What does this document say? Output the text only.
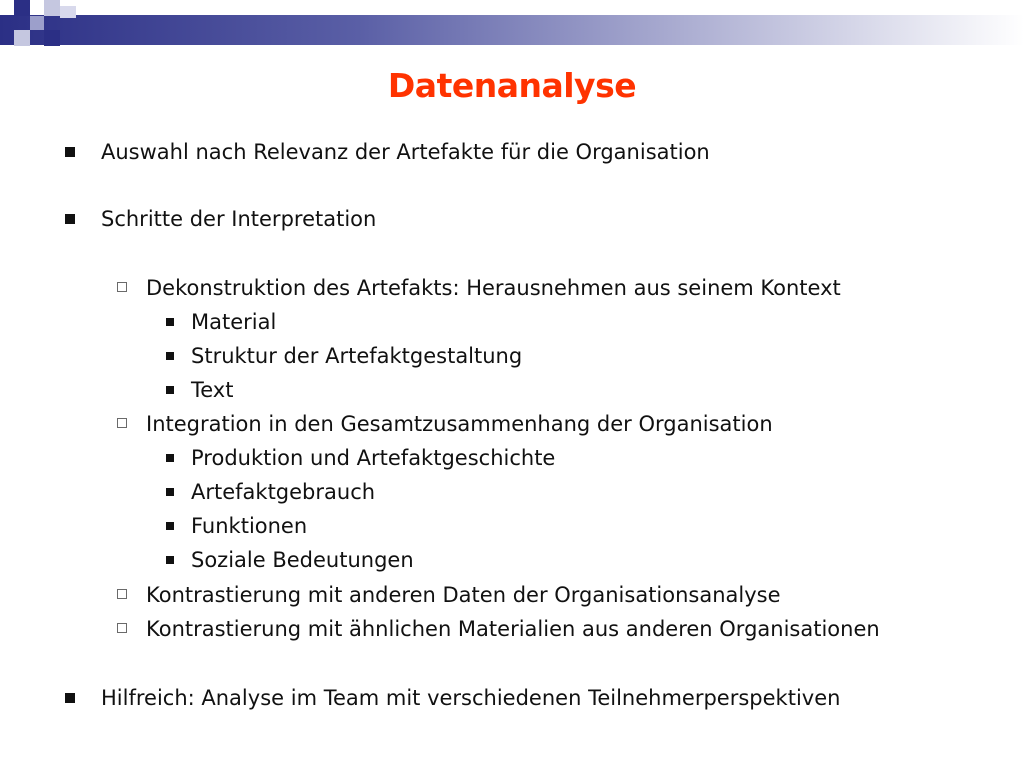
Datenanalyse
Auswahl nach Relevanz der Artefakte für die Organisation
Schritte der Interpretation
Dekonstruktion des Artefakts: Herausnehmen aus seinem Kontext
Material
Struktur der Artefaktgestaltung
Text
Integration in den Gesamtzusammenhang der Organisation
Produktion und Artefaktgeschichte
Artefaktgebrauch
Funktionen
Soziale Bedeutungen
Kontrastierung mit anderen Daten der Organisationsanalyse
Kontrastierung mit ähnlichen Materialien aus anderen Organisationen
Hilfreich: Analyse im Team mit verschiedenen Teilnehmerperspektiven
